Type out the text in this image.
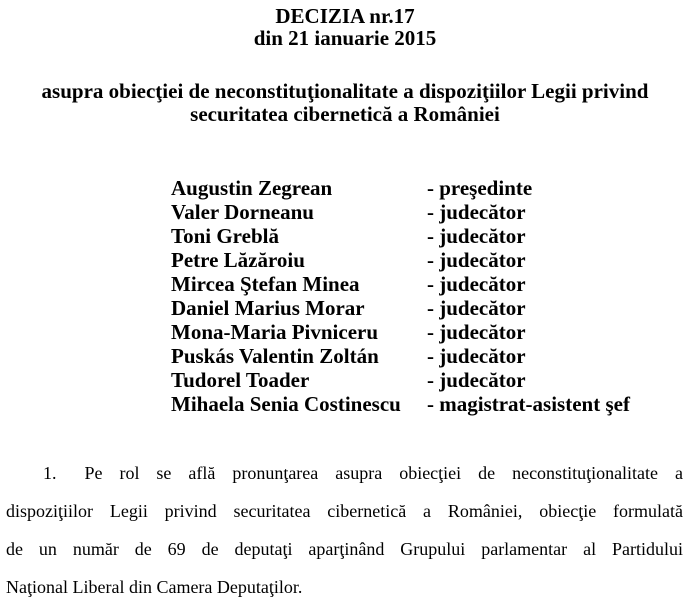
DECIZIA nr.17
din 21 ianuarie 2015
asupra obiecţiei de neconstituţionalitate a dispoziţiilor Legii privind
securitatea cibernetică a României
Augustin Zegrean	- preşedinte
Valer Dorneanu	- judecător
Toni Greblă	- judecător
Petre Lăzăroiu	- judecător
Mircea Ştefan Minea	- judecător
Daniel Marius Morar	- judecător
Mona-Maria Pivniceru - judecător
Puskás Valentin Zoltán - judecător
Tudorel Toader	- judecător
Mihaela Senia Costinescu - magistrat-asistent şef
1. Pe rol se află pronunţarea asupra obiecţiei de neconstituţionalitate a
dispoziţiilor Legii privind securitatea cibernetică a României, obiecţie formulată
de un număr de 69 de deputaţi aparţinând Grupului parlamentar al Partidului
Naţional Liberal din Camera Deputaţilor.
